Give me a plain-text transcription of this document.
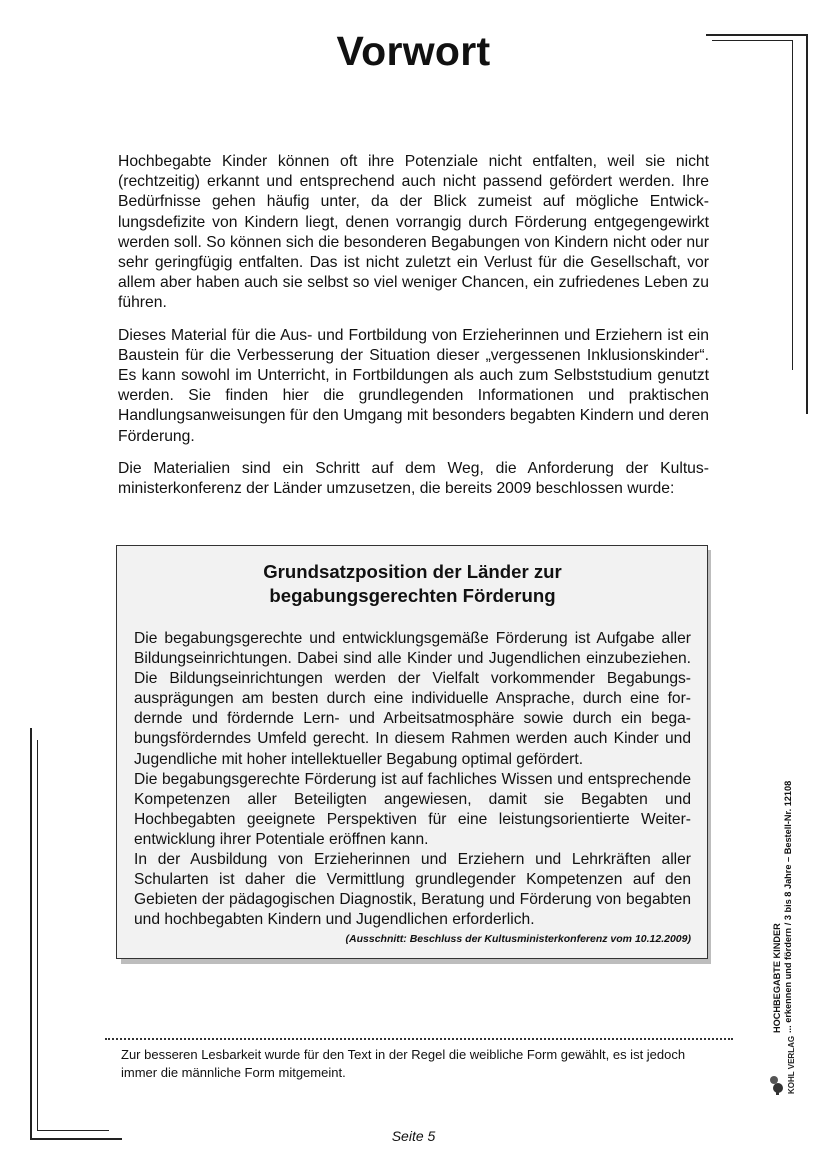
Vorwort

Hochbegabte Kinder können oft ihre Potenziale nicht entfalten, weil sie nicht (rechtzeitig) erkannt und entsprechend auch nicht passend gefördert werden. Ihre Bedürfnisse gehen häufig unter, da der Blick zumeist auf mögliche Entwicklungsdefizite von Kindern liegt, denen vorrangig durch Förderung entgegengewirkt werden soll. So können sich die besonderen Begabungen von Kindern nicht oder nur sehr geringfügig entfalten. Das ist nicht zuletzt ein Verlust für die Gesellschaft, vor allem aber haben auch sie selbst so viel weniger Chancen, ein zufriedenes Leben zu führen.

Dieses Material für die Aus- und Fortbildung von Erzieherinnen und Erziehern ist ein Baustein für die Verbesserung der Situation dieser „vergessenen Inklusionskinder“. Es kann sowohl im Unterricht, in Fortbildungen als auch zum Selbststudium genutzt werden. Sie finden hier die grundlegenden Informationen und praktischen Handlungsanweisungen für den Umgang mit besonders begabten Kindern und deren Förderung.

Die Materialien sind ein Schritt auf dem Weg, die Anforderung der Kultusministerkonferenz der Länder umzusetzen, die bereits 2009 beschlossen wurde:

Grundsatzposition der Länder zur
begabungsgerechten Förderung

Die begabungsgerechte und entwicklungsgemäße Förderung ist Aufgabe aller Bildungseinrichtungen. Dabei sind alle Kinder und Jugendlichen einzubeziehen. Die Bildungseinrichtungen werden der Vielfalt vorkommender Begabungsausprägungen am besten durch eine individuelle Ansprache, durch eine fordernde und fördernde Lern- und Arbeitsatmosphäre sowie durch ein begabungsförderndes Umfeld gerecht. In diesem Rahmen werden auch Kinder und Jugendliche mit hoher intellektueller Begabung optimal gefördert.

Die begabungsgerechte Förderung ist auf fachliches Wissen und entsprechende Kompetenzen aller Beteiligten angewiesen, damit sie Begabten und Hochbegabten geeignete Perspektiven für eine leistungsorientierte Weiterentwicklung ihrer Potentiale eröffnen kann.

In der Ausbildung von Erzieherinnen und Erziehern und Lehrkräften aller Schularten ist daher die Vermittlung grundlegender Kompetenzen auf den Gebieten der pädagogischen Diagnostik, Beratung und Förderung von begabten und hochbegabten Kindern und Jugendlichen erforderlich.

(Ausschnitt: Beschluss der Kultusministerkonferenz vom 10.12.2009)
Zur besseren Lesbarkeit wurde für den Text in der Regel die weibliche Form gewählt, es ist jedoch immer die männliche Form mitgemeint.
HOCHBEGABTE KINDER ... erkennen und fördern / 3 bis 8 Jahre – Bestell-Nr. 12108
KOHL VERLAG
Seite 5
